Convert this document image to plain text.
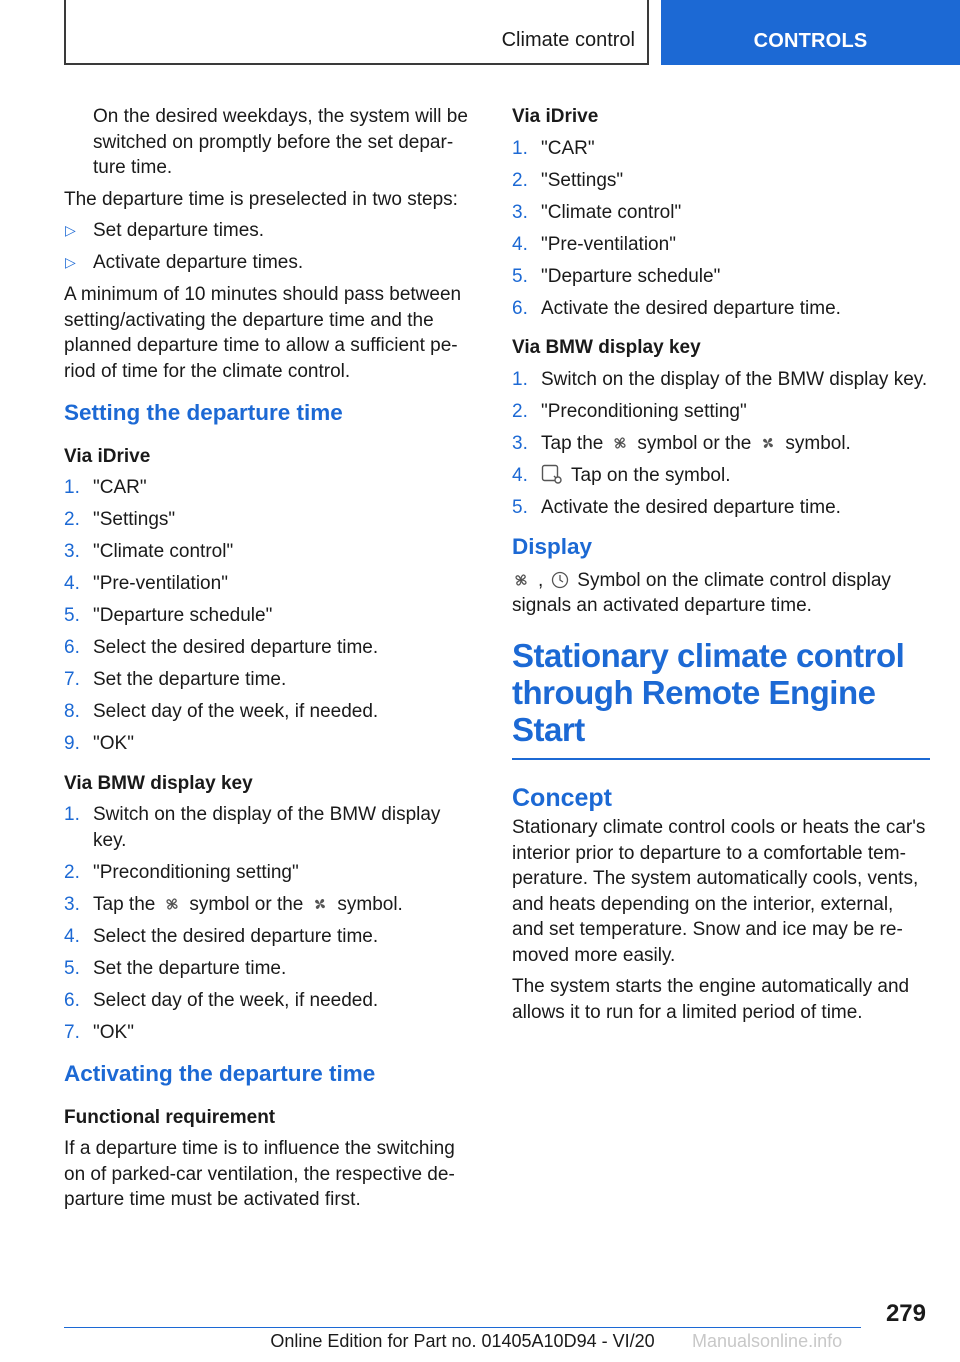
Climate control	CONTROLS

On the desired weekdays, the system will be switched on promptly before the set departure time.

The departure time is preselected in two steps:

▷ Set departure times.
▷ Activate departure times.

A minimum of 10 minutes should pass between setting/activating the departure time and the planned departure time to allow a sufficient period of time for the climate control.

Setting the departure time
Via iDrive
1. "CAR"
2. "Settings"
3. "Climate control"
4. "Pre-ventilation"
5. "Departure schedule"
6. Select the desired departure time.
7. Set the departure time.
8. Select day of the week, if needed.
9. "OK"
Via BMW display key
1. Switch on the display of the BMW display key.
2. "Preconditioning setting"
3. Tap the symbol or the symbol.
4. Select the desired departure time.
5. Set the departure time.
6. Select day of the week, if needed.
7. "OK"
Activating the departure time
Functional requirement

If a departure time is to influence the switching on of parked-car ventilation, the respective departure time must be activated first.

Via iDrive
1. "CAR"
2. "Settings"
3. "Climate control"
4. "Pre-ventilation"
5. "Departure schedule"
6. Activate the desired departure time.
Via BMW display key
1. Switch on the display of the BMW display key.
2. "Preconditioning setting"
3. Tap the symbol or the symbol.
4. Tap on the symbol.
5. Activate the desired departure time.
Display

, Symbol on the climate control display
signals an activated departure time.

Stationary climate control through Remote Engine Start
Concept

Stationary climate control cools or heats the car's interior prior to departure to a comfortable temperature. The system automatically cools, vents, and heats depending on the interior, external, and set temperature. Snow and ice may be removed more easily.

The system starts the engine automatically and allows it to run for a limited period of time.

279
Online Edition for Part no. 01405A10D94 - VI/20	Manualsonline.info
